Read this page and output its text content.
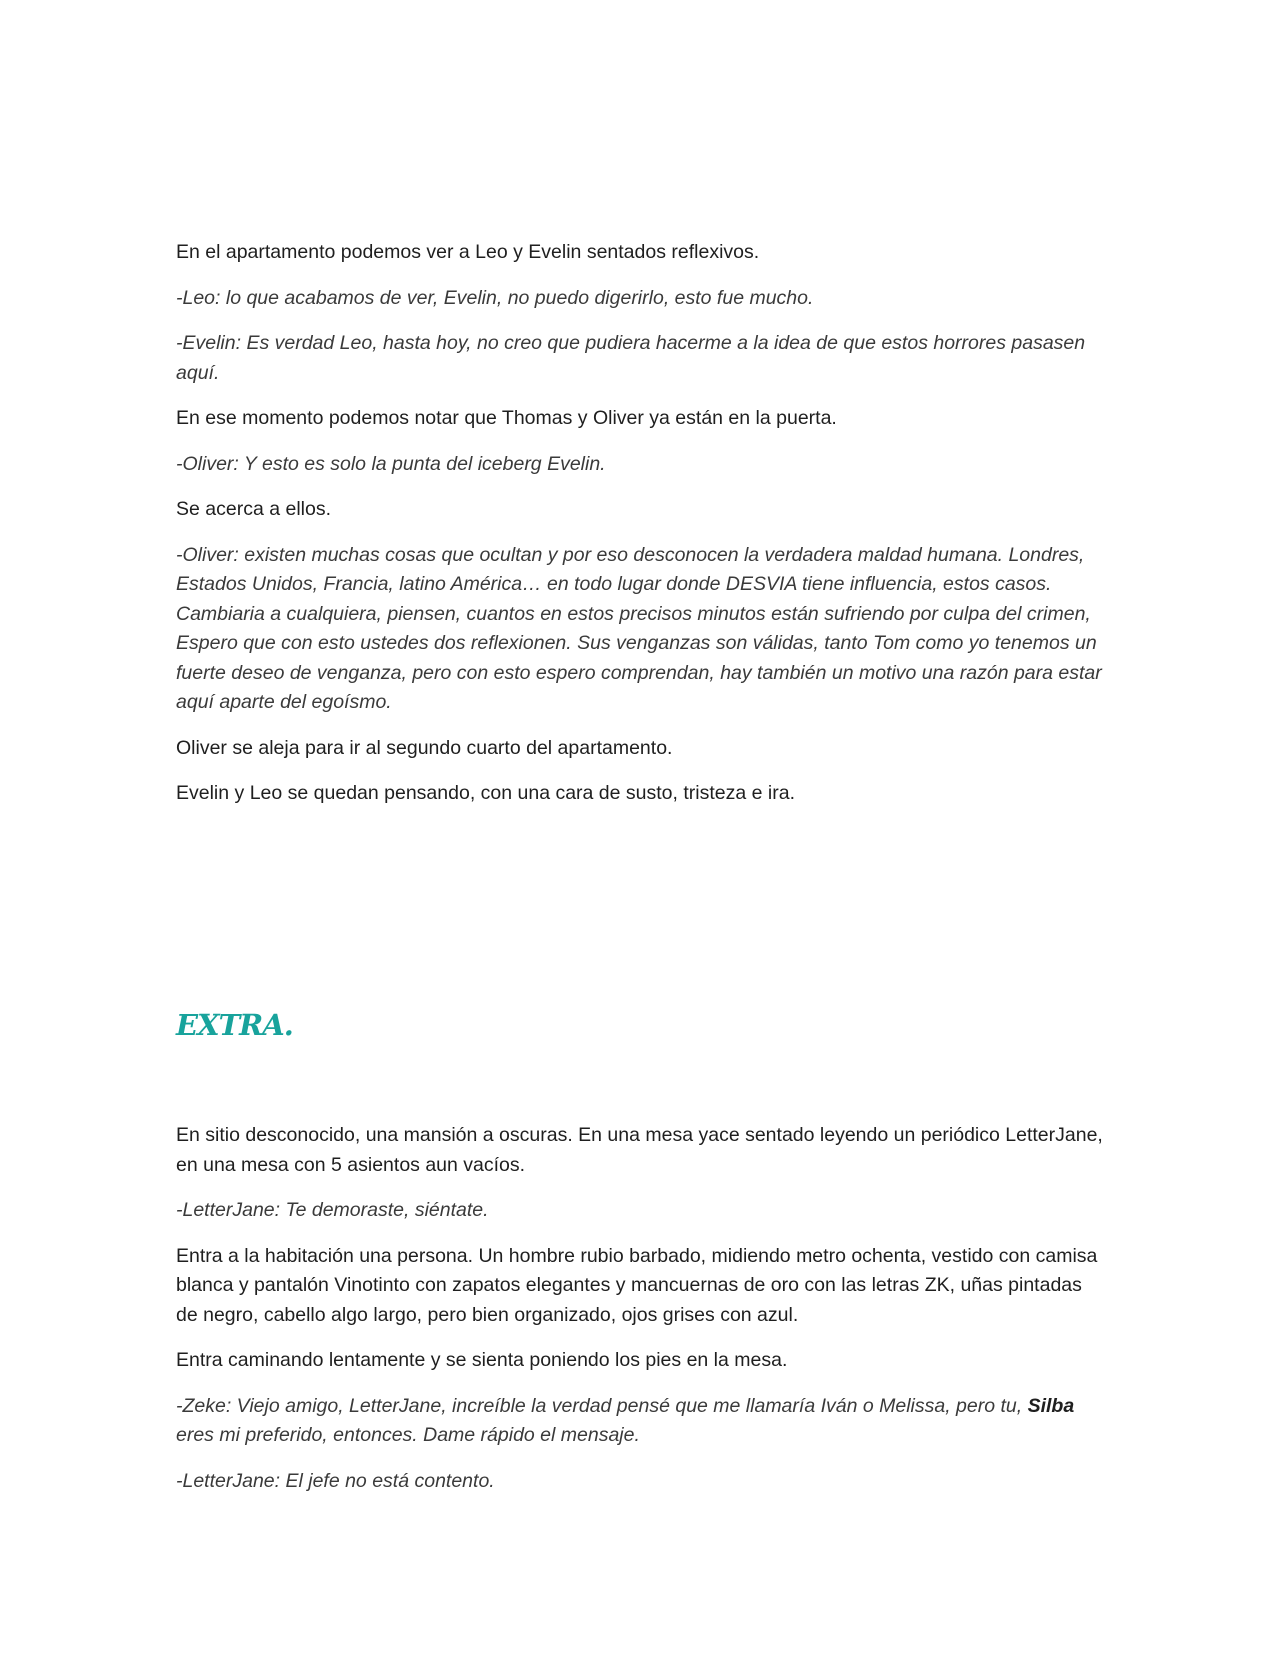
En el apartamento podemos ver a Leo y Evelin sentados reflexivos.

-Leo: lo que acabamos de ver, Evelin, no puedo digerirlo, esto fue mucho.

-Evelin: Es verdad Leo, hasta hoy, no creo que pudiera hacerme a la idea de que estos horrores pasasen aquí.

En ese momento podemos notar que Thomas y Oliver ya están en la puerta.

-Oliver: Y esto es solo la punta del iceberg Evelin.

Se acerca a ellos.

-Oliver: existen muchas cosas que ocultan y por eso desconocen la verdadera maldad humana. Londres, Estados Unidos, Francia, latino América… en todo lugar donde DESVIA tiene influencia, estos casos. Cambiaria a cualquiera, piensen, cuantos en estos precisos minutos están sufriendo por culpa del crimen, Espero que con esto ustedes dos reflexionen. Sus venganzas son válidas, tanto Tom como yo tenemos un fuerte deseo de venganza, pero con esto espero comprendan, hay también un motivo una razón para estar aquí aparte del egoísmo.

Oliver se aleja para ir al segundo cuarto del apartamento.

Evelin y Leo se quedan pensando, con una cara de susto, tristeza e ira.

EXTRA.

En sitio desconocido, una mansión a oscuras. En una mesa yace sentado leyendo un periódico LetterJane, en una mesa con 5 asientos aun vacíos.

-LetterJane: Te demoraste, siéntate.

Entra a la habitación una persona. Un hombre rubio barbado, midiendo metro ochenta, vestido con camisa blanca y pantalón Vinotinto con zapatos elegantes y mancuernas de oro con las letras ZK, uñas pintadas de negro, cabello algo largo, pero bien organizado, ojos grises con azul.

Entra caminando lentamente y se sienta poniendo los pies en la mesa.

-Zeke: Viejo amigo, LetterJane, increíble la verdad pensé que me llamaría Iván o Melissa, pero tu, Silba eres mi preferido, entonces. Dame rápido el mensaje.

-LetterJane: El jefe no está contento.
